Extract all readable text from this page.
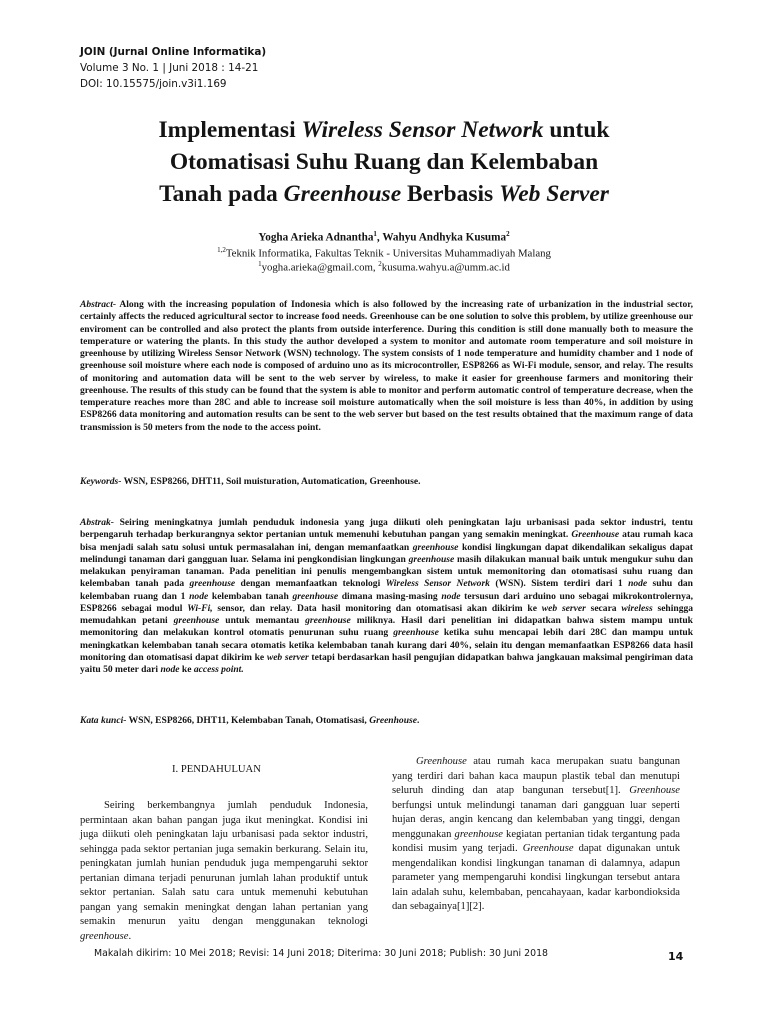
JOIN (Jurnal Online Informatika)
Volume 3 No. 1 | Juni 2018 : 14-21
DOI: 10.15575/join.v3i1.169
Implementasi Wireless Sensor Network untuk
Otomatisasi Suhu Ruang dan Kelembaban
Tanah pada Greenhouse Berbasis Web Server
Yogha Arieka Adnantha$^1$, Wahyu Andhyka Kusuma$^2$
$^{1,2}$Teknik Informatika, Fakultas Teknik - Universitas Muhammadiyah Malang
$^1$yogha.arieka@gmail.com, $^2$kusuma.wahyu.a@umm.ac.id

Abstract- Along with the increasing population of Indonesia which is also followed by the increasing rate of urbanization in the industrial sector, certainly affects the reduced agricultural sector to increase food needs. Greenhouse can be one solution to solve this problem, by utilize greenhouse our enviroment can be controlled and also protect the plants from outside interference. During this condition is still done manually both to measure the temperature or watering the plants. In this study the author developed a system to monitor and automate room temperature and soil moisture in greenhouse by utilizing Wireless Sensor Network (WSN) technology. The system consists of 1 node temperature and humidity chamber and 1 node of greenhouse soil moisture where each node is composed of arduino uno as its microcontroller, ESP8266 as Wi-Fi module, sensor, and relay. The results of monitoring and automation data will be sent to the web server by wireless, to make it easier for greenhouse farmers and monitoring their greenhouse. The results of this study can be found that the system is able to monitor and perform automatic control of temperature decrease, when the temperature reaches more than 28C and able to increase soil moisture automatically when the soil moisture is less than 40%, in addition by using ESP8266 data monitoring and automation results can be sent to the web server but based on the test results obtained that the maximum range of data transmission is 50 meters from the node to the access point.

Keywords- WSN, ESP8266, DHT11, Soil muisturation, Automatication, Greenhouse.

Abstrak- Seiring meningkatnya jumlah penduduk indonesia yang juga diikuti oleh peningkatan laju urbanisasi pada sektor industri, tentu berpengaruh terhadap berkurangnya sektor pertanian untuk memenuhi kebutuhan pangan yang semakin meningkat. Greenhouse atau rumah kaca bisa menjadi salah satu solusi untuk permasalahan ini, dengan memanfaatkan greenhouse kondisi lingkungan dapat dikendalikan sekaligus dapat melindungi tanaman dari gangguan luar. Selama ini pengkondisian lingkungan greenhouse masih dilakukan manual baik untuk mengukur suhu dan melakukan penyiraman tanaman. Pada penelitian ini penulis mengembangkan sistem untuk memonitoring dan otomatisasi suhu ruang dan kelembaban tanah pada greenhouse dengan memanfaatkan teknologi Wireless Sensor Network (WSN). Sistem terdiri dari 1 node suhu dan kelembaban ruang dan 1 node kelembaban tanah greenhouse dimana masing-masing node tersusun dari arduino uno sebagai mikrokontrolernya, ESP8266 sebagai modul Wi-Fi, sensor, dan relay. Data hasil monitoring dan otomatisasi akan dikirim ke web server secara wireless sehingga memudahkan petani greenhouse untuk memantau greenhouse miliknya. Hasil dari penelitian ini didapatkan bahwa sistem mampu untuk memonitoring dan melakukan kontrol otomatis penurunan suhu ruang greenhouse ketika suhu mencapai lebih dari 28C dan mampu untuk meningkatkan kelembaban tanah secara otomatis ketika kelembaban tanah kurang dari 40%, selain itu dengan memanfaatkan ESP8266 data hasil monitoring dan otomatisasi dapat dikirim ke web server tetapi berdasarkan hasil pengujian didapatkan bahwa jangkauan maksimal pengiriman data yaitu 50 meter dari node ke access point.

Kata kunci- WSN, ESP8266, DHT11, Kelembaban Tanah, Otomatisasi, Greenhouse.

I. PENDAHULUAN

Seiring berkembangnya jumlah penduduk Indonesia, permintaan akan bahan pangan juga ikut meningkat. Kondisi ini juga diikuti oleh peningkatan laju urbanisasi pada sektor industri, sehingga pada sektor pertanian juga semakin berkurang. Selain itu, peningkatan jumlah hunian penduduk juga mempengaruhi sektor pertanian dimana terjadi penurunan jumlah lahan produktif untuk sektor pertanian. Salah satu cara untuk memenuhi kebutuhan pangan yang semakin meningkat dengan lahan pertanian yang semakin menurun yaitu dengan menggunakan teknologi greenhouse.

Greenhouse atau rumah kaca merupakan suatu bangunan yang terdiri dari bahan kaca maupun plastik tebal dan menutupi seluruh dinding dan atap bangunan tersebut[1]. Greenhouse berfungsi untuk melindungi tanaman dari gangguan luar seperti hujan deras, angin kencang dan kelembaban yang tinggi, dengan menggunakan greenhouse kegiatan pertanian tidak tergantung pada kondisi musim yang terjadi. Greenhouse dapat digunakan untuk mengendalikan kondisi lingkungan tanaman di dalamnya, adapun parameter yang mempengaruhi kondisi lingkungan tersebut antara lain adalah suhu, kelembaban, pencahayaan, kadar karbondioksida dan sebagainya[1][2].

Makalah dikirim: 10 Mei 2018; Revisi: 14 Juni 2018; Diterima: 30 Juni 2018; Publish: 30 Juni 2018	14
